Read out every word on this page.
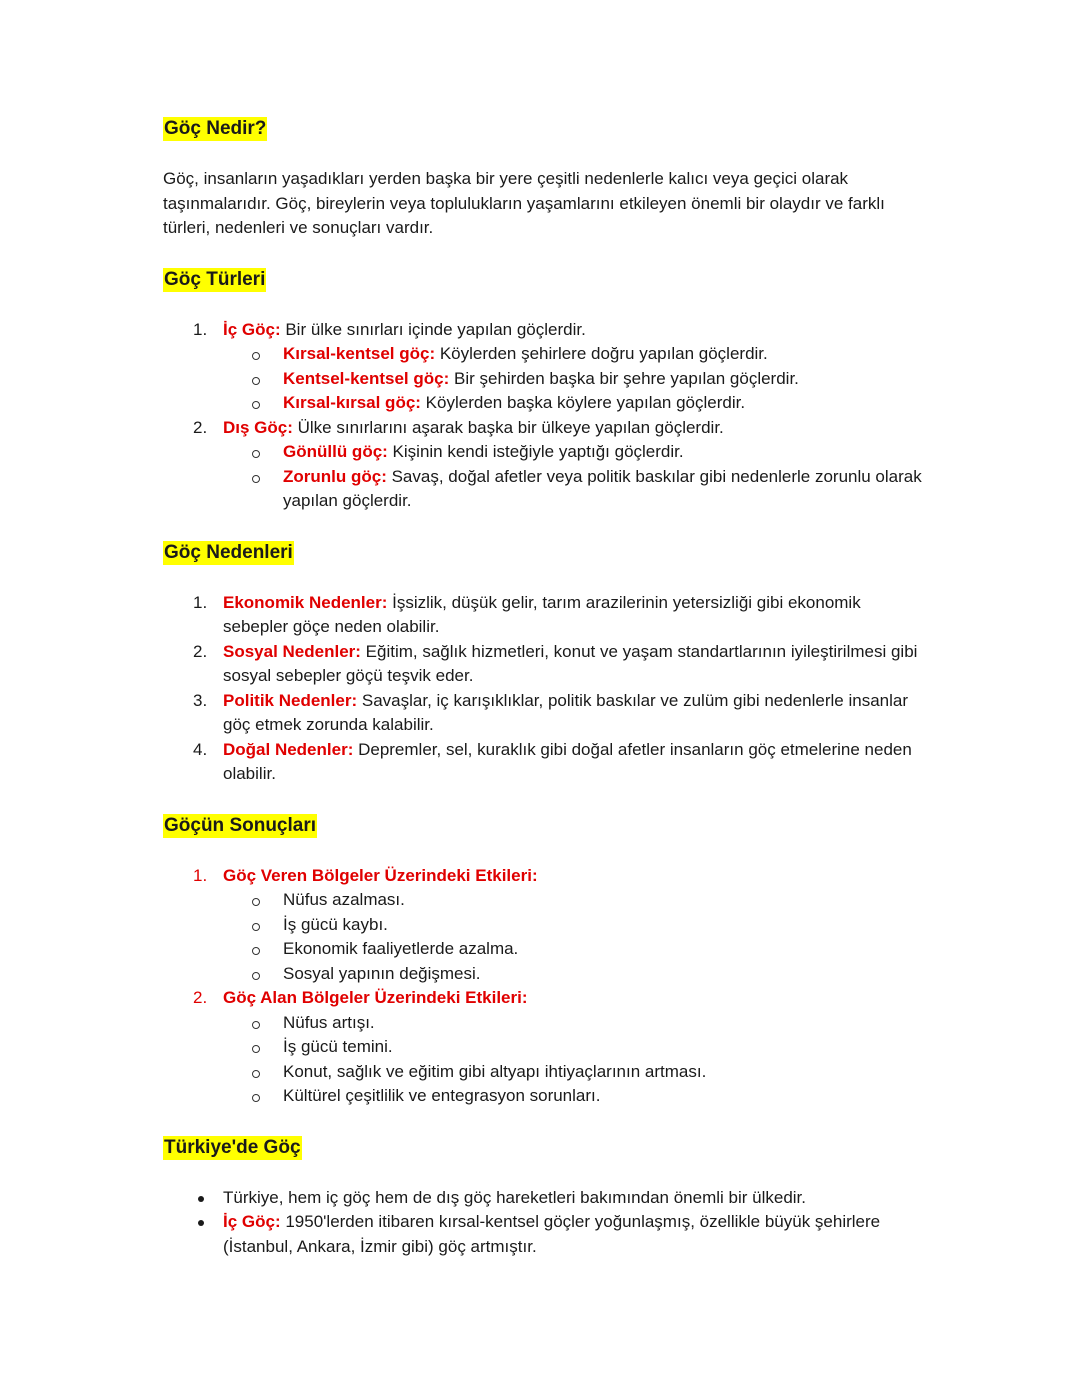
Göç Nedir?

Göç, insanların yaşadıkları yerden başka bir yere çeşitli nedenlerle kalıcı veya geçici olarak taşınmalarıdır. Göç, bireylerin veya toplulukların yaşamlarını etkileyen önemli bir olaydır ve farklı türleri, nedenleri ve sonuçları vardır.

Göç Türleri
1. İç Göç: Bir ülke sınırları içinde yapılan göçlerdir.
Kırsal-kentsel göç: Köylerden şehirlere doğru yapılan göçlerdir.
Kentsel-kentsel göç: Bir şehirden başka bir şehre yapılan göçlerdir.
Kırsal-kırsal göç: Köylerden başka köylere yapılan göçlerdir.
2. Dış Göç: Ülke sınırlarını aşarak başka bir ülkeye yapılan göçlerdir.
Gönüllü göç: Kişinin kendi isteğiyle yaptığı göçlerdir.
Zorunlu göç: Savaş, doğal afetler veya politik baskılar gibi nedenlerle zorunlu olarak yapılan göçlerdir.
Göç Nedenleri
1. Ekonomik Nedenler: İşsizlik, düşük gelir, tarım arazilerinin yetersizliği gibi ekonomik sebepler göçe neden olabilir.
2. Sosyal Nedenler: Eğitim, sağlık hizmetleri, konut ve yaşam standartlarının iyileştirilmesi gibi sosyal sebepler göçü teşvik eder.
3. Politik Nedenler: Savaşlar, iç karışıklıklar, politik baskılar ve zulüm gibi nedenlerle insanlar göç etmek zorunda kalabilir.
4. Doğal Nedenler: Depremler, sel, kuraklık gibi doğal afetler insanların göç etmelerine neden olabilir.
Göçün Sonuçları
1. Göç Veren Bölgeler Üzerindeki Etkileri:
Nüfus azalması.
İş gücü kaybı.
Ekonomik faaliyetlerde azalma.
Sosyal yapının değişmesi.
2. Göç Alan Bölgeler Üzerindeki Etkileri:
Nüfus artışı.
İş gücü temini.
Konut, sağlık ve eğitim gibi altyapı ihtiyaçlarının artması.
Kültürel çeşitlilik ve entegrasyon sorunları.
Türkiye'de Göç
Türkiye, hem iç göç hem de dış göç hareketleri bakımından önemli bir ülkedir.
İç Göç: 1950'lerden itibaren kırsal-kentsel göçler yoğunlaşmış, özellikle büyük şehirlere (İstanbul, Ankara, İzmir gibi) göç artmıştır.
